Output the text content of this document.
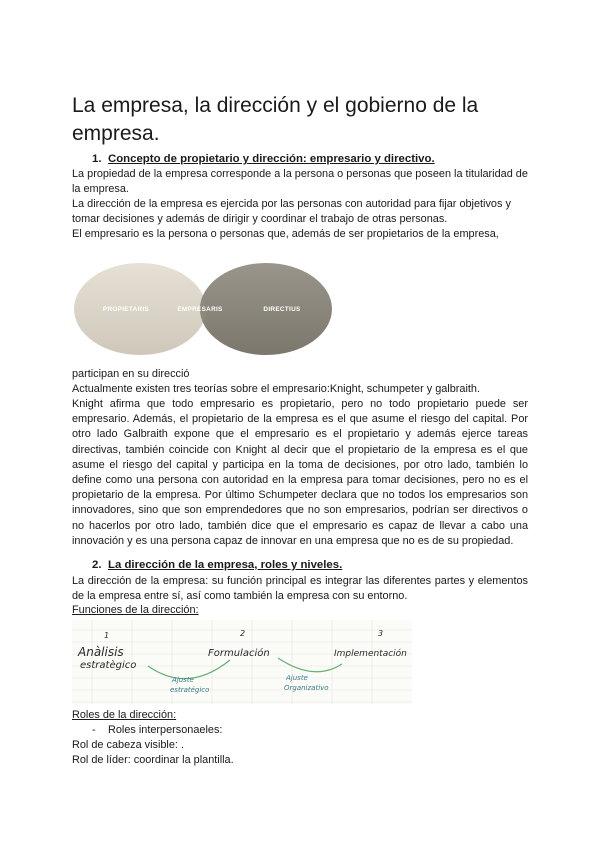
La empresa, la dirección y el gobierno de la empresa.
1. Concepto de propietario y dirección: empresario y directivo.
La propiedad de la empresa corresponde a la persona o personas que poseen la titularidad de la empresa.
La dirección de la empresa es ejercida por las personas con autoridad para fijar objetivos y tomar decisiones y además de dirigir y coordinar el trabajo de otras personas.
El empresario es la persona o personas que, además de ser propietarios de la empresa,
PROPIETARIS	EMPRESARIS	DIRECTIUS
participan en su direcció
Actualmente existen tres teorías sobre el empresario:Knight, schumpeter y galbraith.
Knight afirma que todo empresario es propietario, pero no todo propietario puede ser empresario. Además, el propietario de la empresa es el que asume el riesgo del capital. Por otro lado Galbraith expone que el empresario es el propietario y además ejerce tareas directivas, también coincide con Knight al decir que el propietario de la empresa es el que asume el riesgo del capital y participa en la toma de decisiones, por otro lado, también lo define como una persona con autoridad en la empresa para tomar decisiones, pero no es el propietario de la empresa. Por último Schumpeter declara que no todos los empresarios son innovadores, sino que son emprendedores que no son empresarios, podrían ser directivos o no hacerlos por otro lado, también dice que el empresario es capaz de llevar a cabo una innovación y es una persona capaz de innovar en una empresa que no es de su propiedad.
2. La dirección de la empresa, roles y niveles.
La dirección de la empresa: su función principal es integrar las diferentes partes y elementos de la empresa entre sí, así como también la empresa con su entorno.
Funciones de la dirección:
1	2	3
Anàlisis
estratègico
Formulación	Implementación
Ajuste
estratégico
Ajuste
Organizativo
Roles de la dirección:
- Roles interpersonaeles:
Rol de cabeza visible: .
Rol de líder: coordinar la plantilla.
